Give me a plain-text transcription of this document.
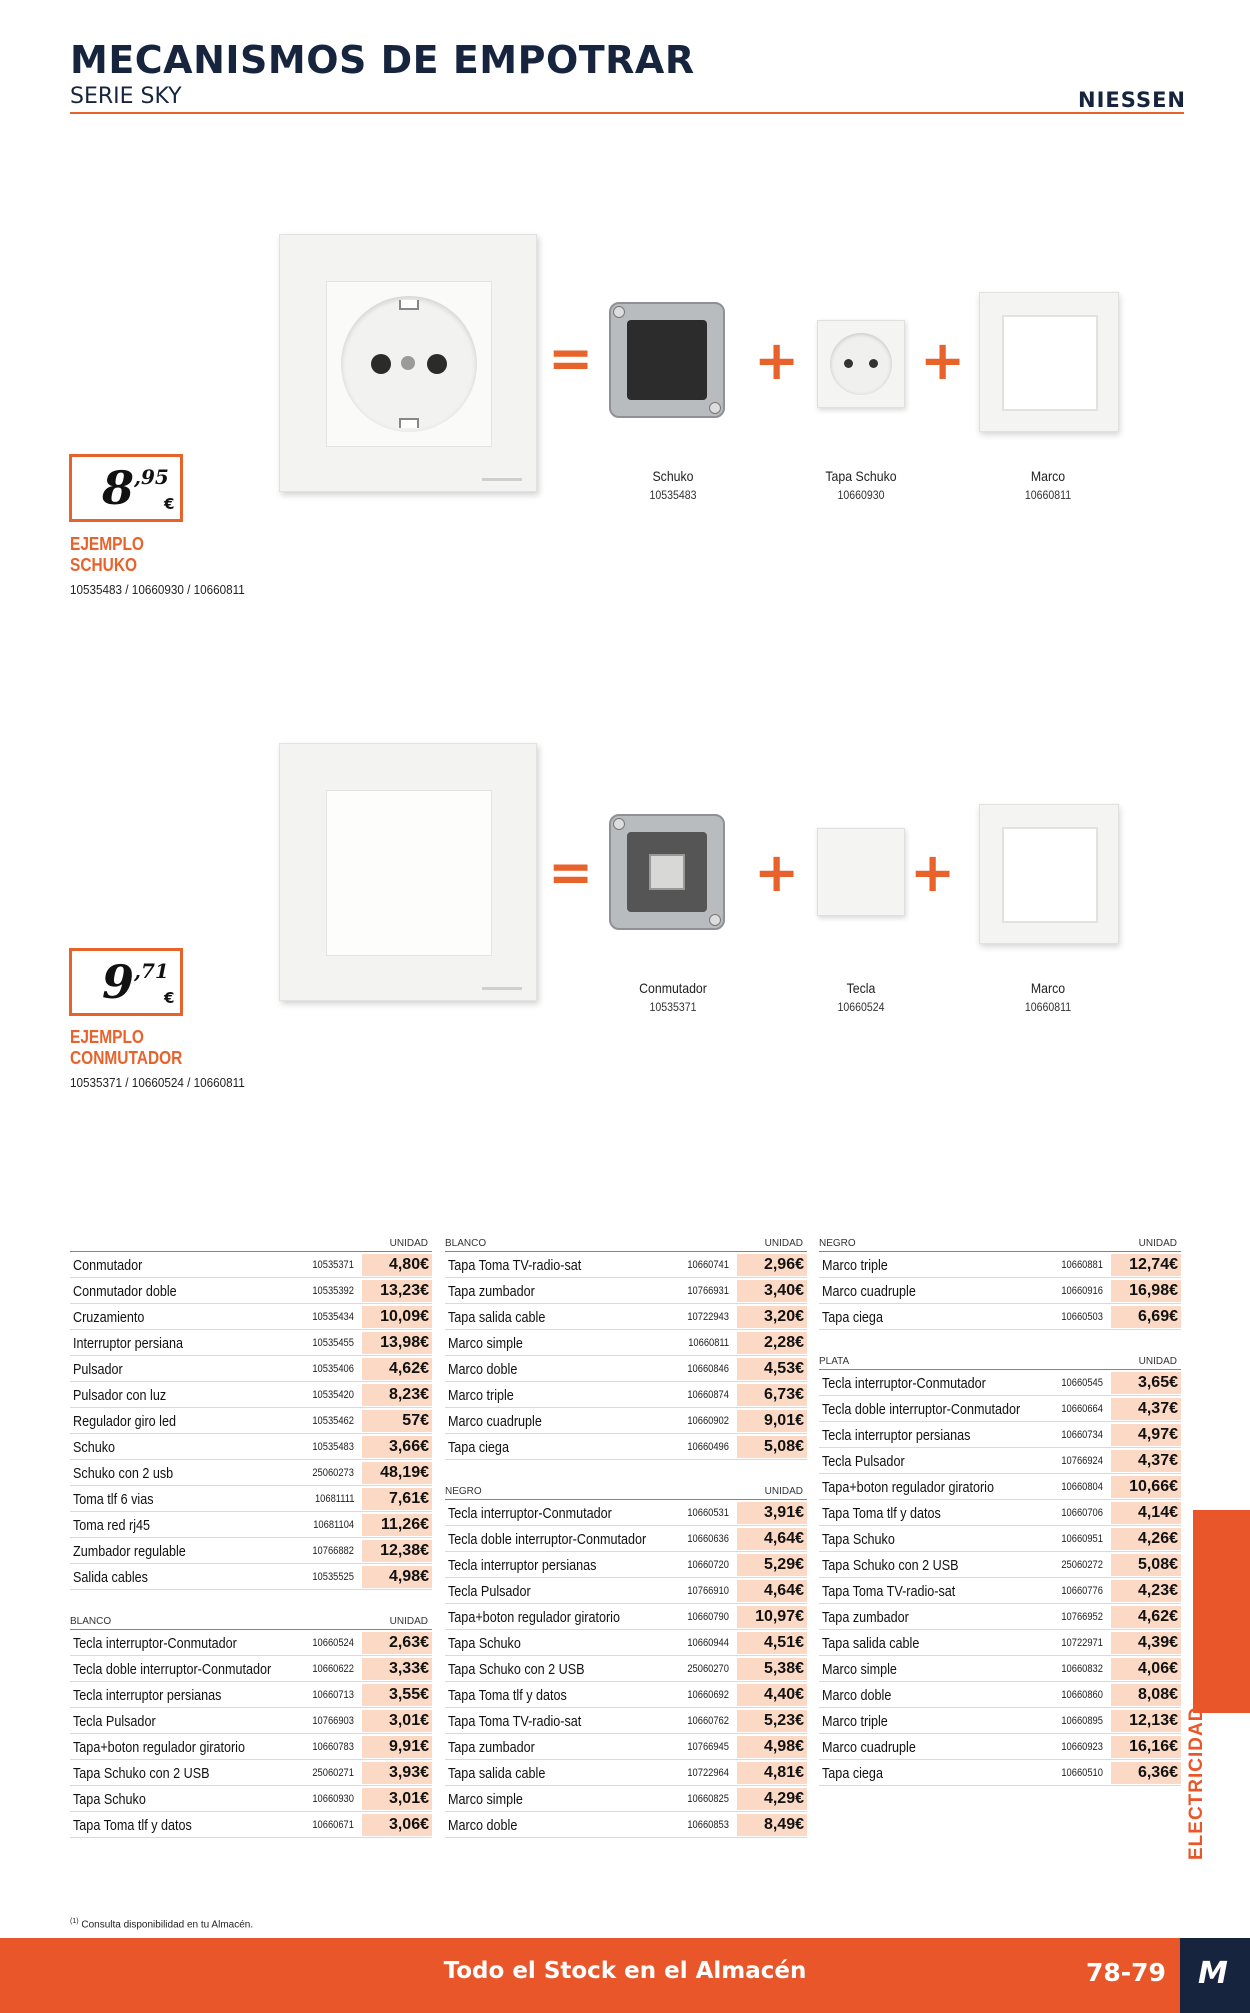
MECANISMOS DE EMPOTRAR
SERIE SKY	NIESSEN
=	+ +
Schuko
10535483
Tapa Schuko
10660930
Marco
10660811
8 ,95
€
EJEMPLO
SCHUKO
10535483 / 10660930 / 10660811
=	+ +
Conmutador
10535371
Tecla
10660524
Marco
10660811
9 ,71
€
EJEMPLO
CONMUTADOR
10535371 / 10660524 / 10660811
UNIDAD
Conmutador	10535371	4,80€
Conmutador doble	10535392	13,23€
Cruzamiento	10535434	10,09€
Interruptor persiana	10535455	13,98€
Pulsador	10535406	4,62€
Pulsador con luz	10535420	8,23€
Regulador giro led	10535462	57€
Schuko	10535483	3,66€
Schuko con 2 usb	25060273	48,19€
Toma tlf 6 vias	10681111	7,61€
Toma red rj45	10681104	11,26€
Zumbador regulable	10766882	12,38€
Salida cables	10535525	4,98€
BLANCO	UNIDAD
Tecla interruptor-Conmutador	10660524	2,63€
Tecla doble interruptor-Conmutador	10660622	3,33€
Tecla interruptor persianas	10660713	3,55€
Tecla Pulsador	10766903	3,01€
Tapa+boton regulador giratorio	10660783	9,91€
Tapa Schuko con 2 USB	25060271	3,93€
Tapa Schuko	10660930	3,01€
Tapa Toma tlf y datos	10660671	3,06€
BLANCO	UNIDAD
Tapa Toma TV-radio-sat	10660741	2,96€
Tapa zumbador	10766931	3,40€
Tapa salida cable	10722943	3,20€
Marco simple	10660811	2,28€
Marco doble	10660846	4,53€
Marco triple	10660874	6,73€
Marco cuadruple	10660902	9,01€
Tapa ciega	10660496	5,08€
NEGRO	UNIDAD
Tecla interruptor-Conmutador	10660531	3,91€
Tecla doble interruptor-Conmutador	10660636	4,64€
Tecla interruptor persianas	10660720	5,29€
Tecla Pulsador	10766910	4,64€
Tapa+boton regulador giratorio	10660790	10,97€
Tapa Schuko	10660944	4,51€
Tapa Schuko con 2 USB	25060270	5,38€
Tapa Toma tlf y datos	10660692	4,40€
Tapa Toma TV-radio-sat	10660762	5,23€
Tapa zumbador	10766945	4,98€
Tapa salida cable	10722964	4,81€
Marco simple	10660825	4,29€
Marco doble	10660853	8,49€
NEGRO	UNIDAD
Marco triple	10660881	12,74€
Marco cuadruple	10660916	16,98€
Tapa ciega	10660503	6,69€
PLATA	UNIDAD
Tecla interruptor-Conmutador	10660545	3,65€
Tecla doble interruptor-Conmutador	10660664	4,37€
Tecla interruptor persianas	10660734	4,97€
Tecla Pulsador	10766924	4,37€
Tapa+boton regulador giratorio	10660804	10,66€
Tapa Toma tlf y datos	10660706	4,14€
Tapa Schuko	10660951	4,26€
Tapa Schuko con 2 USB	25060272	5,08€
Tapa Toma TV-radio-sat	10660776	4,23€
Tapa zumbador	10766952	4,62€
Tapa salida cable	10722971	4,39€
Marco simple	10660832	4,06€
Marco doble	10660860	8,08€
Marco triple	10660895	12,13€
Marco cuadruple	10660923	16,16€
Tapa ciega	10660510	6,36€ ELECTRICIDAD
$^{(1)}$ Consulta disponibilidad en tu Almacén.
Todo el Stock en el Almacén	78-79 M
